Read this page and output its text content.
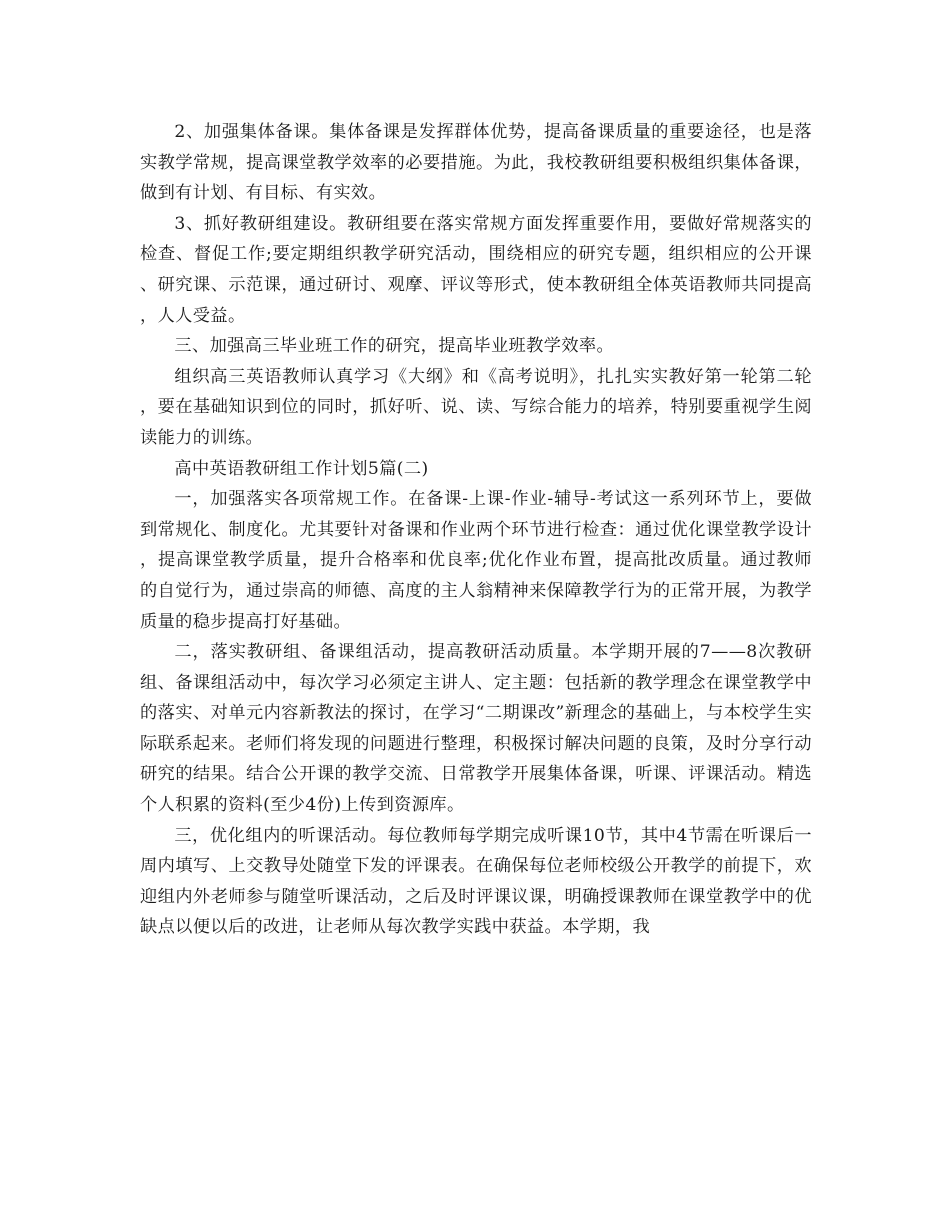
2、加强集体备课。集体备课是发挥群体优势，提高备课质量的重要途径，也是落实教学常规，提高课堂教学效率的必要措施。为此，我校教研组要积极组织集体备课，做到有计划、有目标、有实效。

3、抓好教研组建设。教研组要在落实常规方面发挥重要作用，要做好常规落实的检查、督促工作;要定期组织教学研究活动，围绕相应的研究专题，组织相应的公开课、研究课、示范课，通过研讨、观摩、评议等形式，使本教研组全体英语教师共同提高，人人受益。

三、加强高三毕业班工作的研究，提高毕业班教学效率。

组织高三英语教师认真学习《大纲》和《高考说明》，扎扎实实教好第一轮第二轮，要在基础知识到位的同时，抓好听、说、读、写综合能力的培养，特别要重视学生阅读能力的训练。

高中英语教研组工作计划5篇(二)

一，加强落实各项常规工作。在备课-上课-作业-辅导-考试这一系列环节上，要做到常规化、制度化。尤其要针对备课和作业两个环节进行检查：通过优化课堂教学设计，提高课堂教学质量，提升合格率和优良率;优化作业布置，提高批改质量。通过教师的自觉行为，通过崇高的师德、高度的主人翁精神来保障教学行为的正常开展，为教学质量的稳步提高打好基础。

二，落实教研组、备课组活动，提高教研活动质量。本学期开展的7——8次教研组、备课组活动中，每次学习必须定主讲人、定主题：包括新的教学理念在课堂教学中的落实、对单元内容新教法的探讨，在学习“二期课改”新理念的基础上，与本校学生实际联系起来。老师们将发现的问题进行整理，积极探讨解决问题的良策，及时分享行动研究的结果。结合公开课的教学交流、日常教学开展集体备课，听课、评课活动。精选个人积累的资料(至少4份)上传到资源库。

三，优化组内的听课活动。每位教师每学期完成听课10节，其中4节需在听课后一周内填写、上交教导处随堂下发的评课表。在确保每位老师校级公开教学的前提下，欢迎组内外老师参与随堂听课活动，之后及时评课议课，明确授课教师在课堂教学中的优缺点以便以后的改进，让老师从每次教学实践中获益。本学期，我
